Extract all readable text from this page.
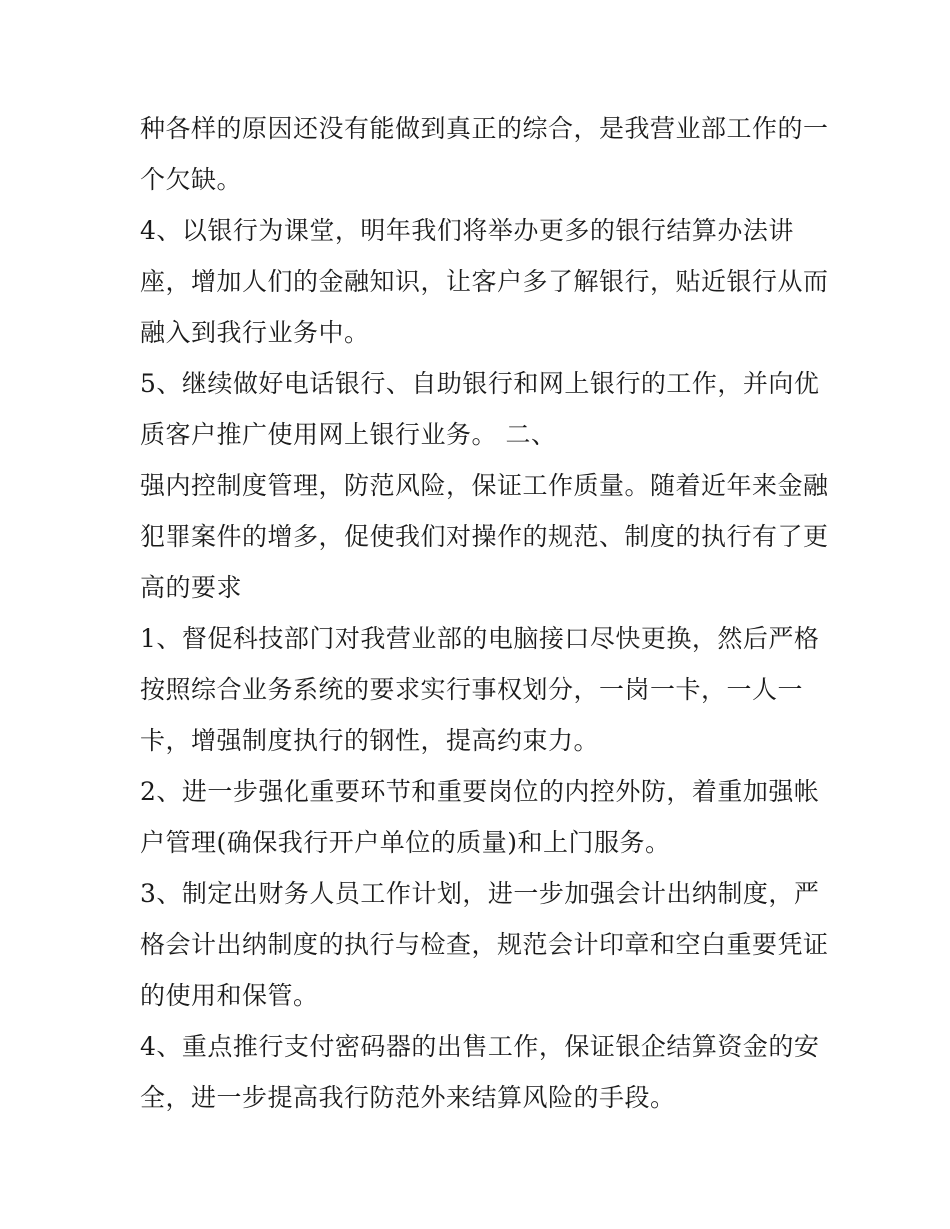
种各样的原因还没有能做到真正的综合，是我营业部工作的一
个欠缺。
4、以银行为课堂，明年我们将举办更多的银行结算办法讲
座，增加人们的金融知识，让客户多了解银行，贴近银行从而
融入到我行业务中。
5、继续做好电话银行、自助银行和网上银行的工作，并向优
质客户推广使用网上银行业务。 二、
强内控制度管理，防范风险，保证工作质量。随着近年来金融
犯罪案件的增多，促使我们对操作的规范、制度的执行有了更
高的要求
1、督促科技部门对我营业部的电脑接口尽快更换，然后严格
按照综合业务系统的要求实行事权划分，一岗一卡，一人一
卡，增强制度执行的钢性，提高约束力。
2、进一步强化重要环节和重要岗位的内控外防，着重加强帐
户管理(确保我行开户单位的质量)和上门服务。
3、制定出财务人员工作计划，进一步加强会计出纳制度，严
格会计出纳制度的执行与检查，规范会计印章和空白重要凭证
的使用和保管。
4、重点推行支付密码器的出售工作，保证银企结算资金的安
全，进一步提高我行防范外来结算风险的手段。
